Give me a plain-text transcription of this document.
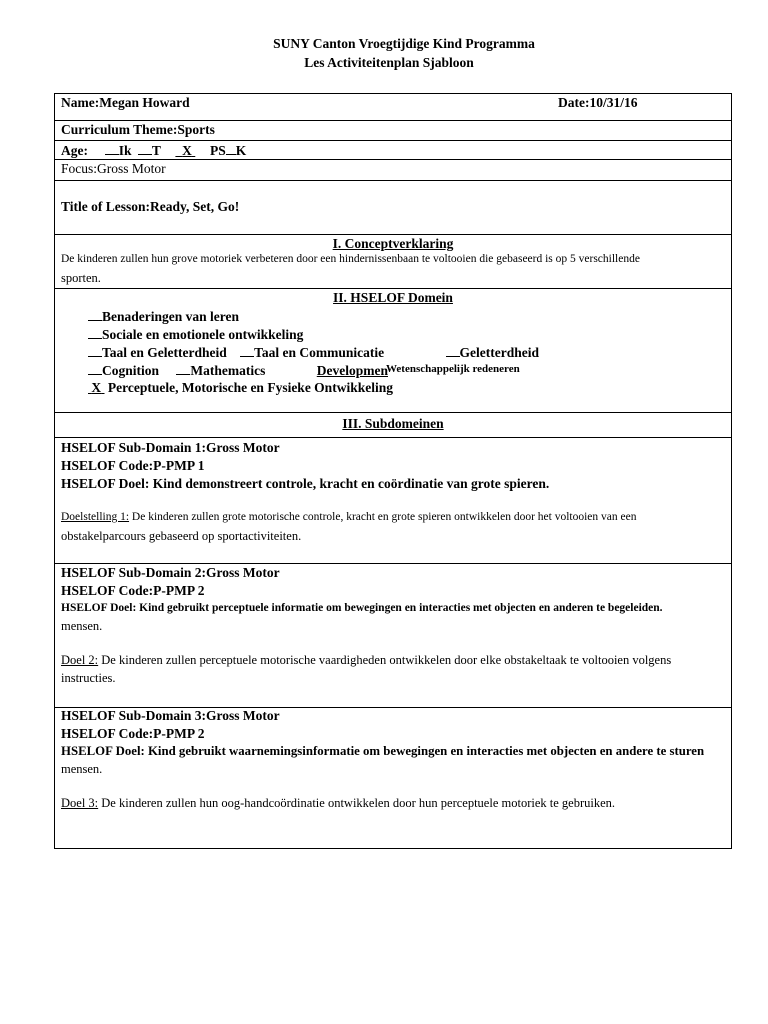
SUNY Canton Vroegtijdige Kind Programma
Les Activiteitenplan Sjabloon
Name:Megan Howard	Date:10/31/16
Curriculum Theme:Sports
Age: Ik T X PS K
Focus:Gross Motor
Title of Lesson:Ready, Set, Go!
I. Conceptverklaring
De kinderen zullen hun grove motoriek verbeteren door een hindernissenbaan te voltooien die gebaseerd is op 5 verschillende
sporten.
II. HSELOF Domein
Benaderingen van leren
Sociale en emotionele ontwikkeling
Taal en Geletterdheid Taal en Communicatie	Geletterdheid
Cognition Mathematics	Developmen$^{Wetenschappelijk redeneren}$
X Perceptuele, Motorische en Fysieke Ontwikkeling
III. Subdomeinen
HSELOF Sub-Domain 1:Gross Motor
HSELOF Code:P-PMP 1
HSELOF Doel: Kind demonstreert controle, kracht en coördinatie van grote spieren.
Doelstelling 1: De kinderen zullen grote motorische controle, kracht en grote spieren ontwikkelen door het voltooien van een
obstakelparcours gebaseerd op sportactiviteiten.
HSELOF Sub-Domain 2:Gross Motor
HSELOF Code:P-PMP 2
HSELOF Doel: Kind gebruikt perceptuele informatie om bewegingen en interacties met objecten en anderen te begeleiden.
mensen.
Doel 2: De kinderen zullen perceptuele motorische vaardigheden ontwikkelen door elke obstakeltaak te voltooien volgens
instructies.
HSELOF Sub-Domain 3:Gross Motor
HSELOF Code:P-PMP 2
HSELOF Doel: Kind gebruikt waarnemingsinformatie om bewegingen en interacties met objecten en andere te sturen
mensen.
Doel 3: De kinderen zullen hun oog-handcoördinatie ontwikkelen door hun perceptuele motoriek te gebruiken.
